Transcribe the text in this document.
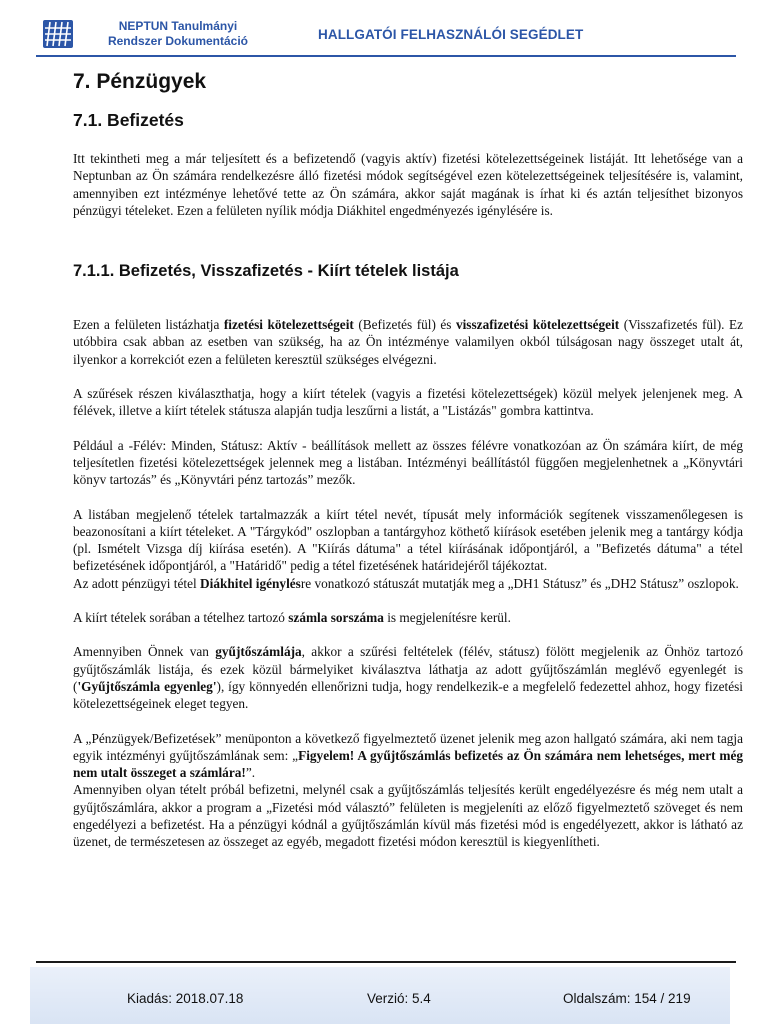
NEPTUN Tanulmányi
Rendszer Dokumentáció	HALLGATÓI FELHASZNÁLÓI SEGÉDLET
7. Pénzügyek
7.1. Befizetés

Itt tekintheti meg a már teljesített és a befizetendő (vagyis aktív) fizetési kötelezettségeinek listáját. Itt lehetősége van a Neptunban az Ön számára rendelkezésre álló fizetési módok segítségével ezen kötelezettségeinek teljesítésére is, valamint, amennyiben ezt intézménye lehetővé tette az Ön számára, akkor saját magának is írhat ki és aztán teljesíthet bizonyos pénzügyi tételeket. Ezen a felületen nyílik módja Diákhitel engedményezés igénylésére is.

7.1.1. Befizetés, Visszafizetés - Kiírt tételek listája

Ezen a felületen listázhatja fizetési kötelezettségeit (Befizetés fül) és visszafizetési kötelezettségeit (Visszafizetés fül). Ez utóbbira csak abban az esetben van szükség, ha az Ön intézménye valamilyen okból túlságosan nagy összeget utalt át, ilyenkor a korrekciót ezen a felületen keresztül szükséges elvégezni.

A szűrések részen kiválaszthatja, hogy a kiírt tételek (vagyis a fizetési kötelezettségek) közül melyek jelenjenek meg. A félévek, illetve a kiírt tételek státusza alapján tudja leszűrni a listát, a "Listázás" gombra kattintva.

Például a -Félév: Minden, Státusz: Aktív - beállítások mellett az összes félévre vonatkozóan az Ön számára kiírt, de még teljesítetlen fizetési kötelezettségek jelennek meg a listában. Intézményi beállítástól függően megjelenhetnek a „Könyvtári könyv tartozás” és „Könyvtári pénz tartozás” mezők.

A listában megjelenő tételek tartalmazzák a kiírt tétel nevét, típusát mely információk segítenek visszamenőlegesen is beazonosítani a kiírt tételeket. A "Tárgykód" oszlopban a tantárgyhoz köthető kiírások esetében jelenik meg a tantárgy kódja (pl. Ismételt Vizsga díj kiírása esetén). A "Kiírás dátuma" a tétel kiírásának időpontjáról, a "Befizetés dátuma" a tétel befizetésének időpontjáról, a "Határidő" pedig a tétel fizetésének határidejéről tájékoztat.

Az adott pénzügyi tétel Diákhitel igénylésre vonatkozó státuszát mutatják meg a „DH1 Státusz” és „DH2 Státusz” oszlopok.

A kiírt tételek sorában a tételhez tartozó számla sorszáma is megjelenítésre kerül.

Amennyiben Önnek van gyűjtőszámlája, akkor a szűrési feltételek (félév, státusz) fölött megjelenik az Önhöz tartozó gyűjtőszámlák listája, és ezek közül bármelyiket kiválasztva láthatja az adott gyűjtőszámlán meglévő egyenlegét is ('Gyűjtőszámla egyenleg'), így könnyedén ellenőrizni tudja, hogy rendelkezik-e a megfelelő fedezettel ahhoz, hogy fizetési kötelezettségeinek eleget tegyen.

A „Pénzügyek/Befizetések” menüponton a következő figyelmeztető üzenet jelenik meg azon hallgató számára, aki nem tagja egyik intézményi gyűjtőszámlának sem: „Figyelem! A gyűjtőszámlás befizetés az Ön számára nem lehetséges, mert még nem utalt összeget a számlára!”.

Amennyiben olyan tételt próbál befizetni, melynél csak a gyűjtőszámlás teljesítés került engedélyezésre és még nem utalt a gyűjtőszámlára, akkor a program a „Fizetési mód választó” felületen is megjeleníti az előző figyelmeztető szöveget és nem engedélyezi a befizetést. Ha a pénzügyi kódnál a gyűjtőszámlán kívül más fizetési mód is engedélyezett, akkor is látható az üzenet, de természetesen az összeget az egyéb, megadott fizetési módon keresztül is kiegyenlítheti.

Kiadás: 2018.07.18	Verzió: 5.4	Oldalszám: 154 / 219
